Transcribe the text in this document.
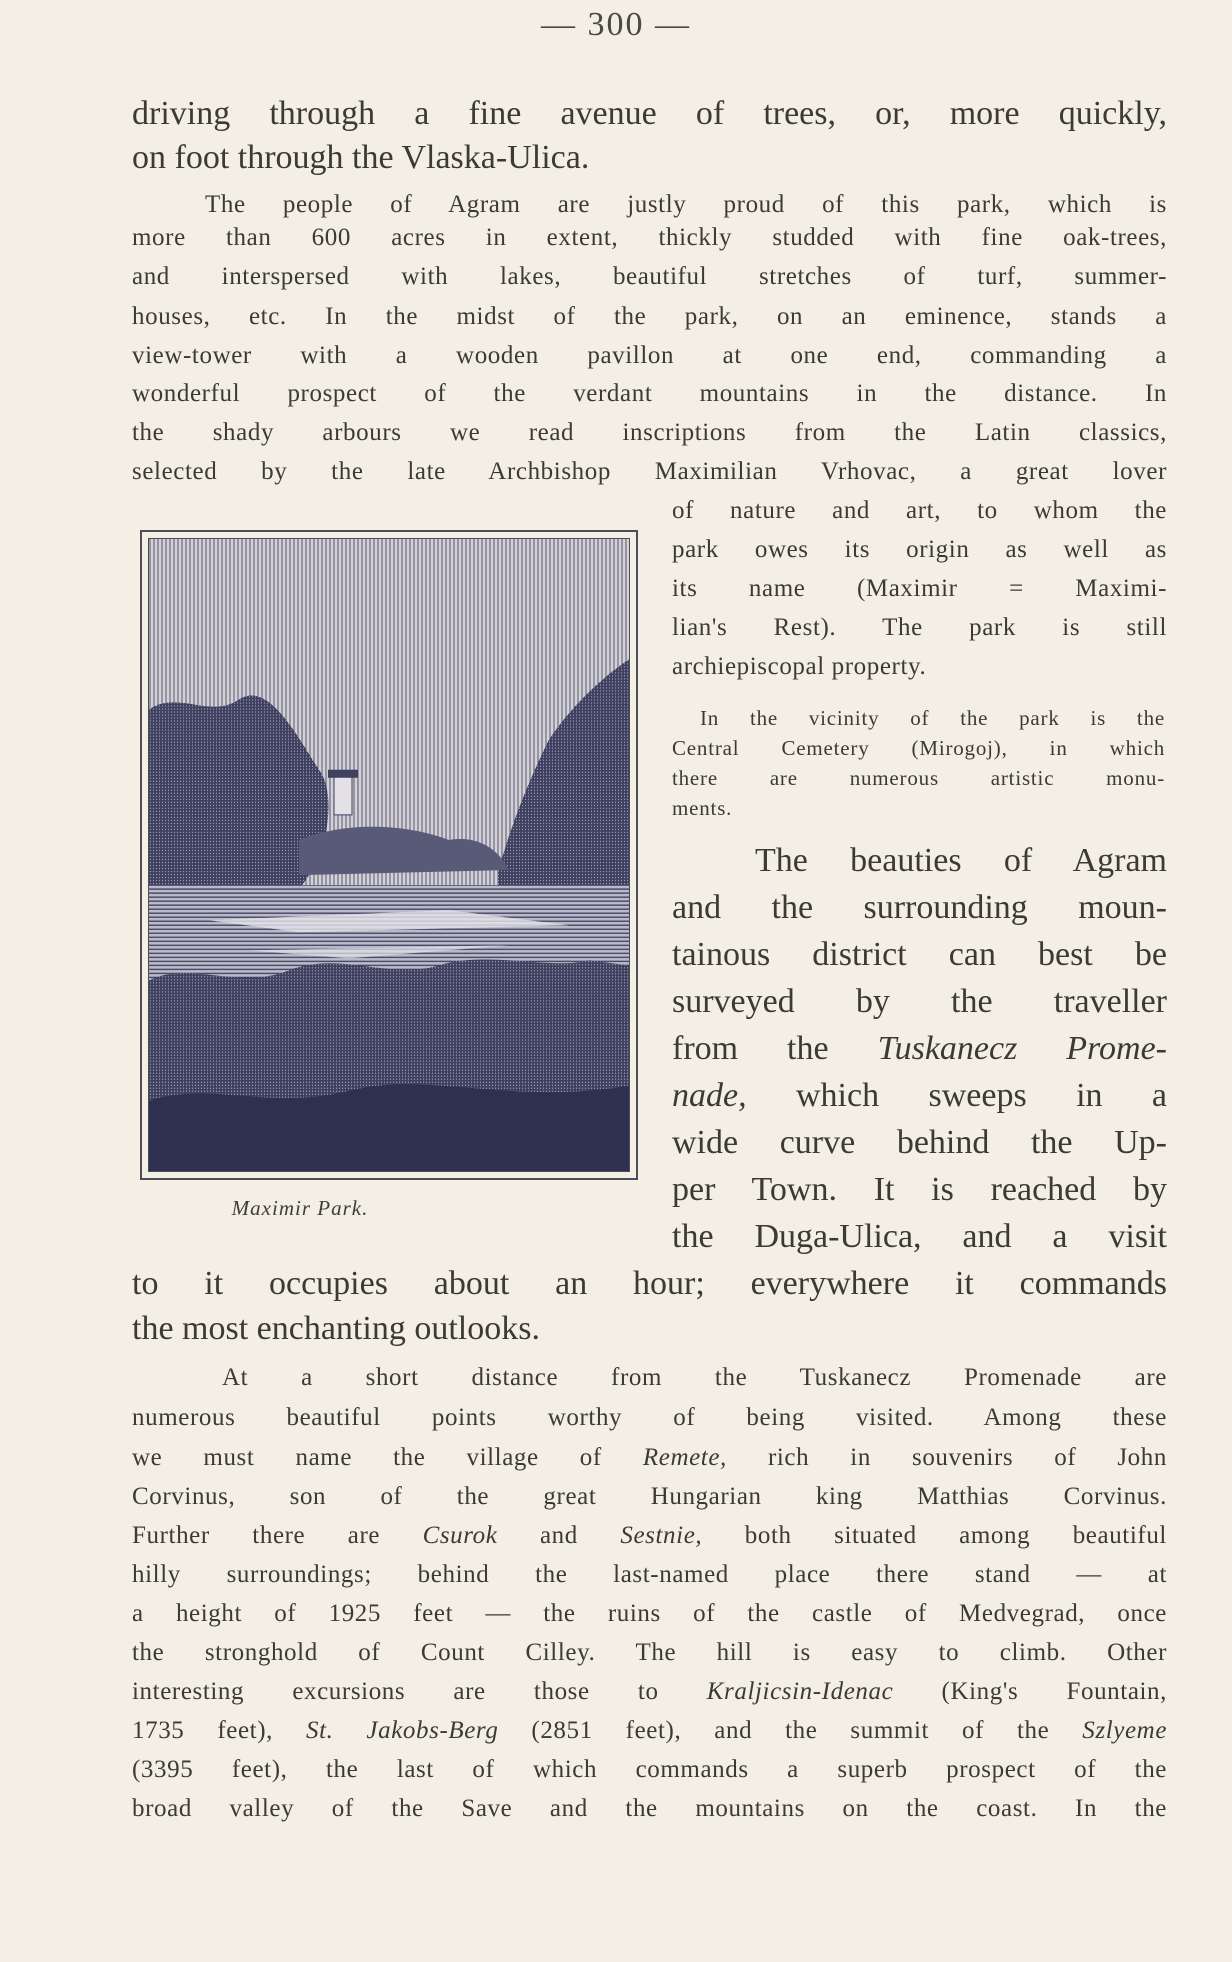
— 300 —

driving through a fine avenue of trees, or, more quickly,

on foot through the Vlaska-Ulica.

The people of Agram are justly proud of this park, which is

more than 600 acres in extent, thickly studded with fine oak-trees,

and interspersed with lakes, beautiful stretches of turf, summer-

houses, etc. In the midst of the park, on an eminence, stands a

view-tower with a wooden pavillon at one end, commanding a

wonderful prospect of the verdant mountains in the distance. In

the shady arbours we read inscriptions from the Latin classics,

selected by the late Archbishop Maximilian Vrhovac, a great lover

of nature and art, to whom the

park owes its origin as well as

its name (Maximir = Maximi-

lian's Rest). The park is still

archiepiscopal property.

In the vicinity of the park is the

Central Cemetery (Mirogoj), in which

there are numerous artistic monu-

ments.

The beauties of Agram

and the surrounding moun-

tainous district can best be

surveyed by the traveller

from the Tuskanecz Prome-

nade, which sweeps in a

wide curve behind the Up-

per Town. It is reached by

the Duga-Ulica, and a visit

to it occupies about an hour; everywhere it commands

the most enchanting outlooks.

Maximir Park.

At a short distance from the Tuskanecz Promenade are

numerous beautiful points worthy of being visited. Among these

we must name the village of Remete, rich in souvenirs of John

Corvinus, son of the great Hungarian king Matthias Corvinus.

Further there are Csurok and Sestnie, both situated among beautiful

hilly surroundings; behind the last-named place there stand — at

a height of 1925 feet — the ruins of the castle of Medvegrad, once

the stronghold of Count Cilley. The hill is easy to climb. Other

interesting excursions are those to Kraljicsin-Idenac (King's Fountain,

1735 feet), St. Jakobs-Berg (2851 feet), and the summit of the Szlyeme

(3395 feet), the last of which commands a superb prospect of the

broad valley of the Save and the mountains on the coast. In the
